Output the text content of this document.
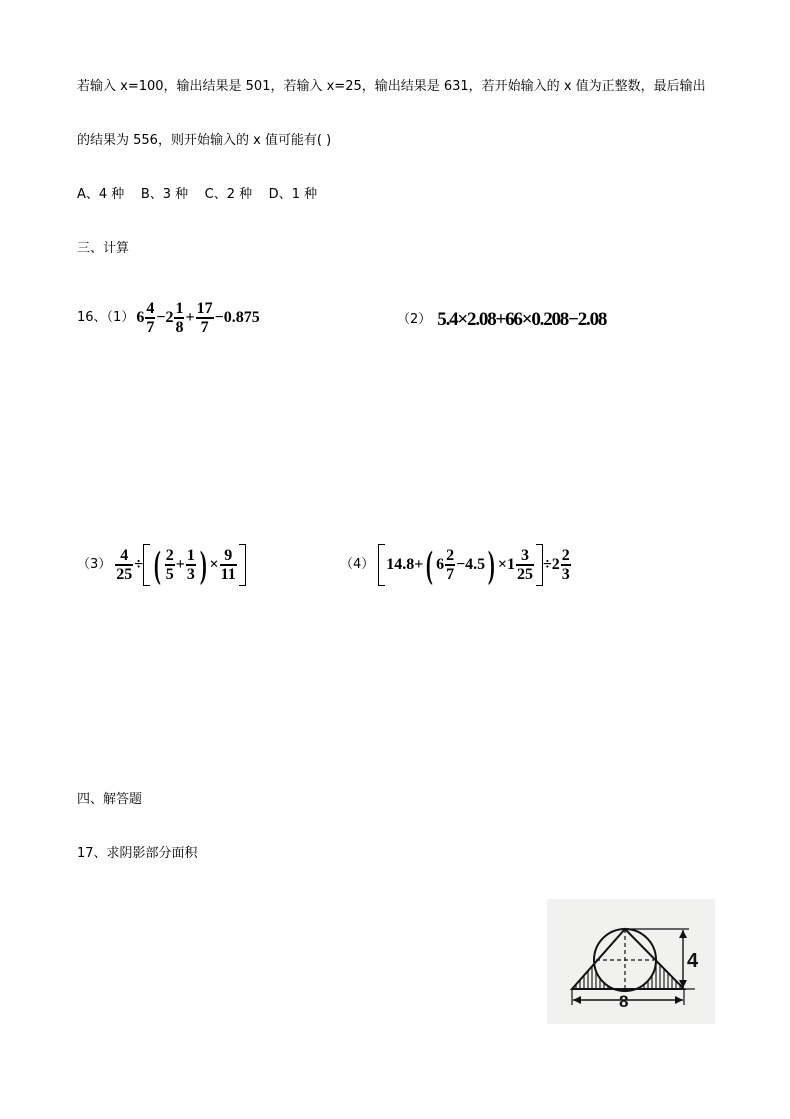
若输入 x=100，输出结果是 501，若输入 x=25，输出结果是 631，若开始输入的 x 值为正整数，最后输出
的结果为 556，则开始输入的 x 值可能有( )
A、4 种    B、3 种    C、2 种    D、1 种
三、计算
16、（1） $6 \frac{4}{7} -2 \frac{1}{8} + \frac{17}{7} -0.875$	（2） 5.4×2.08+66×0.208−2.08
$(3) \frac{4}{25}$ ÷ ( $\frac{2}{5} + \frac{1}{3}$ ) × $\frac{9}{11}$	（4） 14.8+ ( $6 \frac{2}{7} -4.5$ ) $\times 1 \frac{3}{25} \div 2 \frac{2}{3}$
四、解答题
17、求阴影部分面积
4
8
